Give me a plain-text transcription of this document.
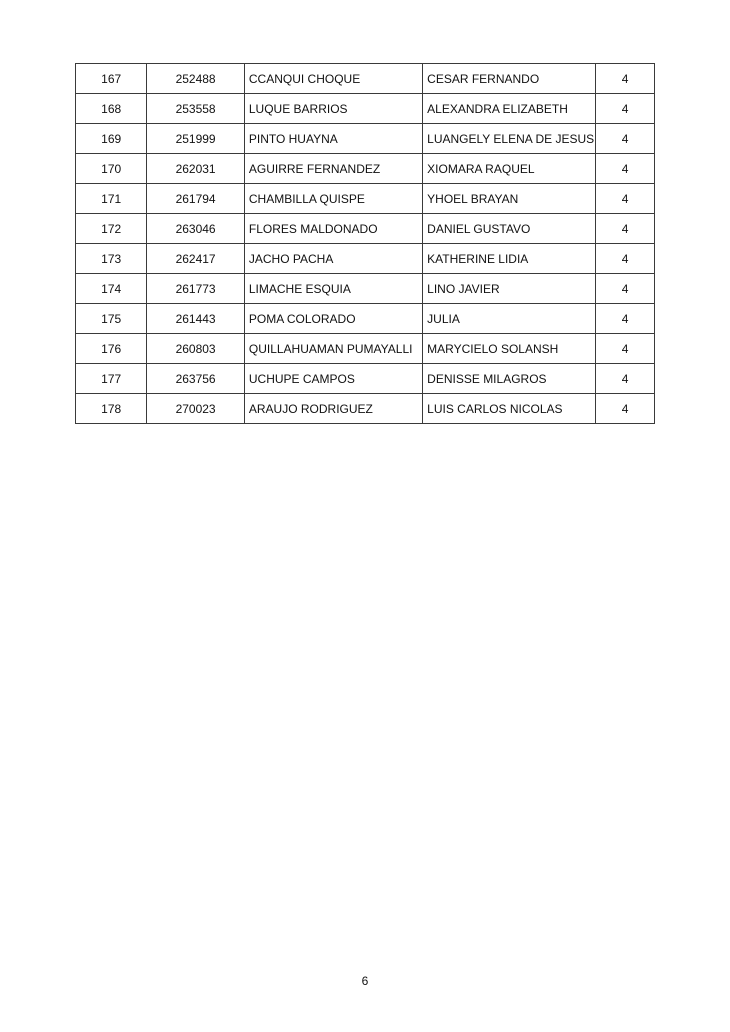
167	252488	CCANQUI CHOQUE	CESAR FERNANDO	4
168	253558	LUQUE BARRIOS	ALEXANDRA ELIZABETH	4
169	251999	PINTO HUAYNA	LUANGELY ELENA DE JESUS	4
170	262031	AGUIRRE FERNANDEZ	XIOMARA RAQUEL	4
171	261794	CHAMBILLA QUISPE	YHOEL BRAYAN	4
172	263046	FLORES MALDONADO	DANIEL GUSTAVO	4
173	262417	JACHO PACHA	KATHERINE LIDIA	4
174	261773	LIMACHE ESQUIA	LINO JAVIER	4
175	261443	POMA COLORADO	JULIA	4
176	260803	QUILLAHUAMAN PUMAYALLI	MARYCIELO SOLANSH	4
177	263756	UCHUPE CAMPOS	DENISSE MILAGROS	4
178	270023	ARAUJO RODRIGUEZ	LUIS CARLOS NICOLAS	4
6
